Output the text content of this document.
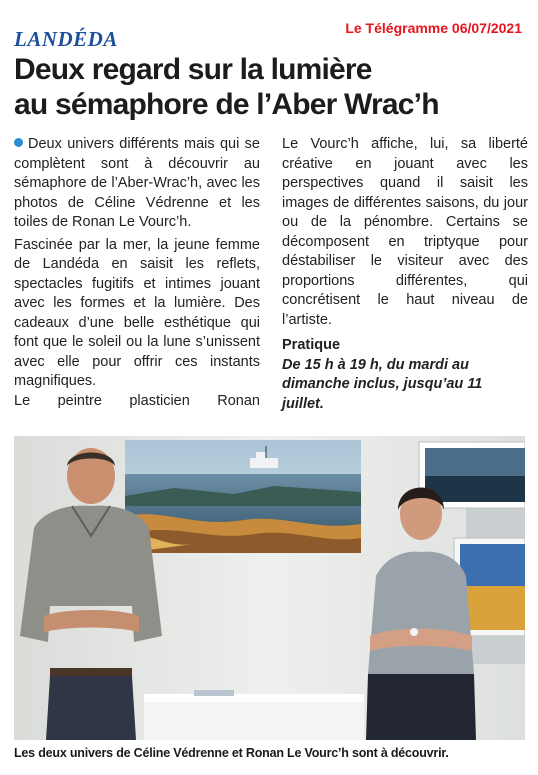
Le Télégramme 06/07/2021
LANDÉDA
Deux regard sur la lumière
au sémaphore de l’Aber Wrac’h

Deux univers différents mais qui se complètent sont à découvrir au sémaphore de l’Aber-Wrac’h, avec les photos de Céline Védrenne et les toiles de Ronan Le Vourc’h.

Fascinée par la mer, la jeune femme de Landéda en saisit les reflets, spectacles fugitifs et intimes jouant avec les formes et la lumière. Des cadeaux d’une belle esthétique qui font que le soleil ou la lune s’unissent avec elle pour offrir ces instants magnifiques.

Le peintre plasticien Ronan

Le Vourc’h affiche, lui, sa liberté créative en jouant avec les perspectives quand il saisit les images de différentes saisons, du jour ou de la pénombre. Certains se décomposent en triptyque pour déstabiliser le visiteur avec des proportions différentes, qui concrétisent le haut niveau de l’artiste.

Pratique

De 15 h à 19 h, du mardi au dimanche inclus, jusqu’au 11 juillet.

Les deux univers de Céline Védrenne et Ronan Le Vourc’h sont à découvrir.
